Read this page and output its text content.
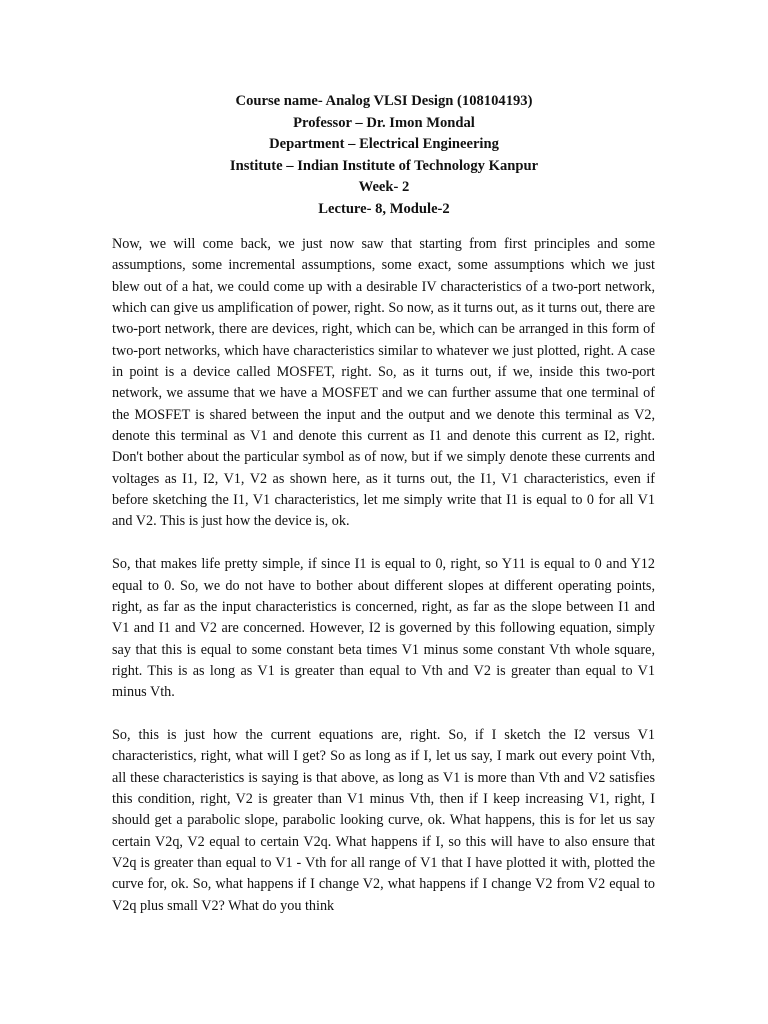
Course name- Analog VLSI Design (108104193)
Professor – Dr. Imon Mondal
Department – Electrical Engineering
Institute – Indian Institute of Technology Kanpur
Week- 2
Lecture- 8, Module-2

Now, we will come back, we just now saw that starting from first principles and some assumptions, some incremental assumptions, some exact, some assumptions which we just blew out of a hat, we could come up with a desirable IV characteristics of a two-port network, which can give us amplification of power, right. So now, as it turns out, as it turns out, there are two-port network, there are devices, right, which can be, which can be arranged in this form of two-port networks, which have characteristics similar to whatever we just plotted, right. A case in point is a device called MOSFET, right. So, as it turns out, if we, inside this two-port network, we assume that we have a MOSFET and we can further assume that one terminal of the MOSFET is shared between the input and the output and we denote this terminal as V2, denote this terminal as V1 and denote this current as I1 and denote this current as I2, right. Don't bother about the particular symbol as of now, but if we simply denote these currents and voltages as I1, I2, V1, V2 as shown here, as it turns out, the I1, V1 characteristics, even if before sketching the I1, V1 characteristics, let me simply write that I1 is equal to 0 for all V1 and V2. This is just how the device is, ok.

So, that makes life pretty simple, if since I1 is equal to 0, right, so Y11 is equal to 0 and Y12 equal to 0. So, we do not have to bother about different slopes at different operating points, right, as far as the input characteristics is concerned, right, as far as the slope between I1 and V1 and I1 and V2 are concerned. However, I2 is governed by this following equation, simply say that this is equal to some constant beta times V1 minus some constant Vth whole square, right. This is as long as V1 is greater than equal to Vth and V2 is greater than equal to V1 minus Vth.

So, this is just how the current equations are, right. So, if I sketch the I2 versus V1 characteristics, right, what will I get? So as long as if I, let us say, I mark out every point Vth, all these characteristics is saying is that above, as long as V1 is more than Vth and V2 satisfies this condition, right, V2 is greater than V1 minus Vth, then if I keep increasing V1, right, I should get a parabolic slope, parabolic looking curve, ok. What happens, this is for let us say certain V2q, V2 equal to certain V2q. What happens if I, so this will have to also ensure that V2q is greater than equal to V1 - Vth for all range of V1 that I have plotted it with, plotted the curve for, ok. So, what happens if I change V2, what happens if I change V2 from V2 equal to V2q plus small V2? What do you think
